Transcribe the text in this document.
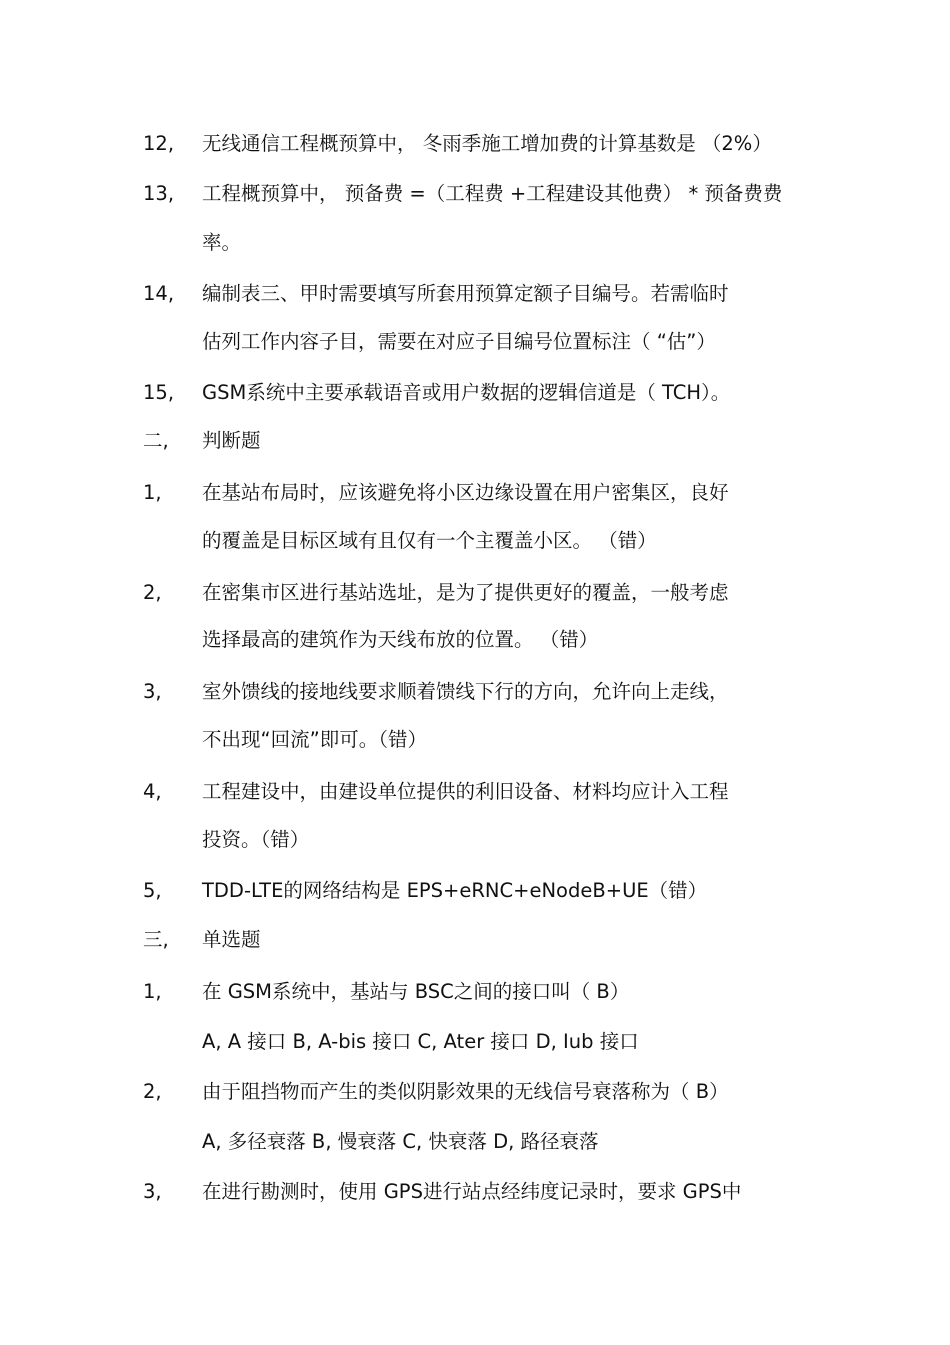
12, 无线通信工程概预算中， 冬雨季施工增加费的计算基数是 （2%）
13, 工程概预算中， 预备费 =（工程费 +工程建设其他费） * 预备费费
率。
14, 编制表三、甲时需要填写所套用预算定额子目编号。若需临时
估列工作内容子目，需要在对应子目编号位置标注（ “估”）
15, GSM系统中主要承载语音或用户数据的逻辑信道是（ TCH）。
二, 判断题
1, 在基站布局时，应该避免将小区边缘设置在用户密集区，良好
的覆盖是目标区域有且仅有一个主覆盖小区。 （错）
2, 在密集市区进行基站选址，是为了提供更好的覆盖，一般考虑
选择最高的建筑作为天线布放的位置。 （错）
3, 室外馈线的接地线要求顺着馈线下行的方向，允许向上走线，
不出现“回流”即可。（错）
4, 工程建设中，由建设单位提供的利旧设备、材料均应计入工程
投资。（错）
5, TDD-LTE的网络结构是 EPS+eRNC+eNodeB+UE（错）
三, 单选题
1, 在 GSM系统中，基站与 BSC之间的接口叫（ B）
A, A 接口 B, A-bis 接口 C, Ater 接口 D, Iub 接口
2, 由于阻挡物而产生的类似阴影效果的无线信号衰落称为（ B）
A, 多径衰落 B, 慢衰落 C, 快衰落 D, 路径衰落
3, 在进行勘测时，使用 GPS进行站点经纬度记录时，要求 GPS中
